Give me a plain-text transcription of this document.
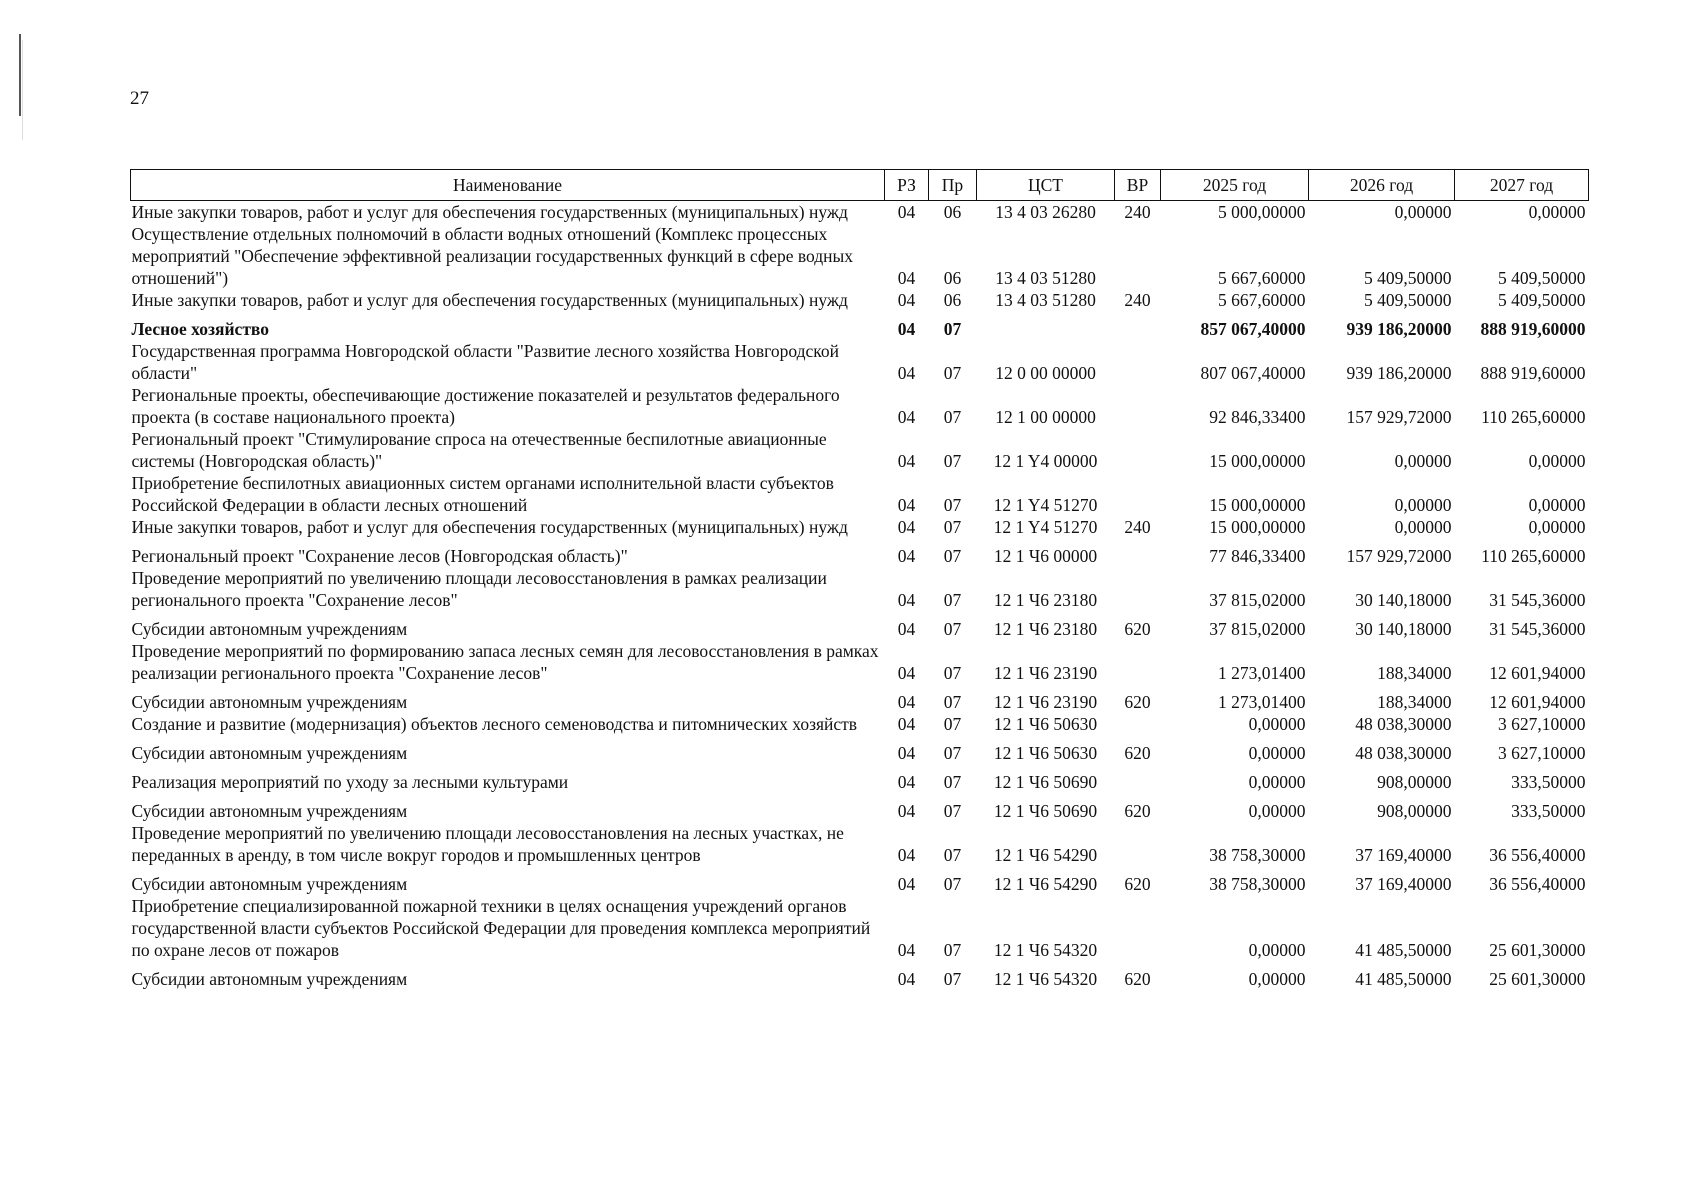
27
Наименование	РЗ	Пр	ЦСТ	ВР	2025 год	2026 год	2027 год
Иные закупки товаров, работ и услуг для обеспечения государственных (муниципальных) нужд	04	06	13 4 03 26280	240	5 000,00000	0,00000	0,00000
Осуществление отдельных полномочий в области водных отношений (Комплекс процессных мероприятий "Обеспечение эффективной реализации государственных функций в сфере водных отношений")	04	06	13 4 03 51280		5 667,60000	5 409,50000	5 409,50000
Иные закупки товаров, работ и услуг для обеспечения государственных (муниципальных) нужд	04	06	13 4 03 51280	240	5 667,60000	5 409,50000	5 409,50000
Лесное хозяйство	04	07			857 067,40000	939 186,20000	888 919,60000
Государственная программа Новгородской области "Развитие лесного хозяйства Новгородской области"	04	07	12 0 00 00000		807 067,40000	939 186,20000	888 919,60000
Региональные проекты, обеспечивающие достижение показателей и результатов федерального проекта (в составе национального проекта)	04	07	12 1 00 00000		92 846,33400	157 929,72000	110 265,60000
Региональный проект "Стимулирование спроса на отечественные беспилотные авиационные системы (Новгородская область)"	04	07	12 1 Y4 00000		15 000,00000	0,00000	0,00000
Приобретение беспилотных авиационных систем органами исполнительной власти субъектов Российской Федерации в области лесных отношений	04	07	12 1 Y4 51270		15 000,00000	0,00000	0,00000
Иные закупки товаров, работ и услуг для обеспечения государственных (муниципальных) нужд	04	07	12 1 Y4 51270	240	15 000,00000	0,00000	0,00000
Региональный проект "Сохранение лесов (Новгородская область)"	04	07	12 1 Ч6 00000		77 846,33400	157 929,72000	110 265,60000
Проведение мероприятий по увеличению площади лесовосстановления в рамках реализации регионального проекта "Сохранение лесов"	04	07	12 1 Ч6 23180		37 815,02000	30 140,18000	31 545,36000
Субсидии автономным учреждениям	04	07	12 1 Ч6 23180	620	37 815,02000	30 140,18000	31 545,36000
Проведение мероприятий по формированию запаса лесных семян для лесовосстановления в рамках реализации регионального проекта "Сохранение лесов"	04	07	12 1 Ч6 23190		1 273,01400	188,34000	12 601,94000
Субсидии автономным учреждениям	04	07	12 1 Ч6 23190	620	1 273,01400	188,34000	12 601,94000
Создание и развитие (модернизация) объектов лесного семеноводства и питомнических хозяйств	04	07	12 1 Ч6 50630		0,00000	48 038,30000	3 627,10000
Субсидии автономным учреждениям	04	07	12 1 Ч6 50630	620	0,00000	48 038,30000	3 627,10000
Реализация мероприятий по уходу за лесными культурами	04	07	12 1 Ч6 50690		0,00000	908,00000	333,50000
Субсидии автономным учреждениям	04	07	12 1 Ч6 50690	620	0,00000	908,00000	333,50000
Проведение мероприятий по увеличению площади лесовосстановления на лесных участках, не переданных в аренду, в том числе вокруг городов и промышленных центров	04	07	12 1 Ч6 54290		38 758,30000	37 169,40000	36 556,40000
Субсидии автономным учреждениям	04	07	12 1 Ч6 54290	620	38 758,30000	37 169,40000	36 556,40000
Приобретение специализированной пожарной техники в целях оснащения учреждений органов государственной власти субъектов Российской Федерации для проведения комплекса мероприятий по охране лесов от пожаров	04	07	12 1 Ч6 54320		0,00000	41 485,50000	25 601,30000
Субсидии автономным учреждениям	04	07	12 1 Ч6 54320	620	0,00000	41 485,50000	25 601,30000
